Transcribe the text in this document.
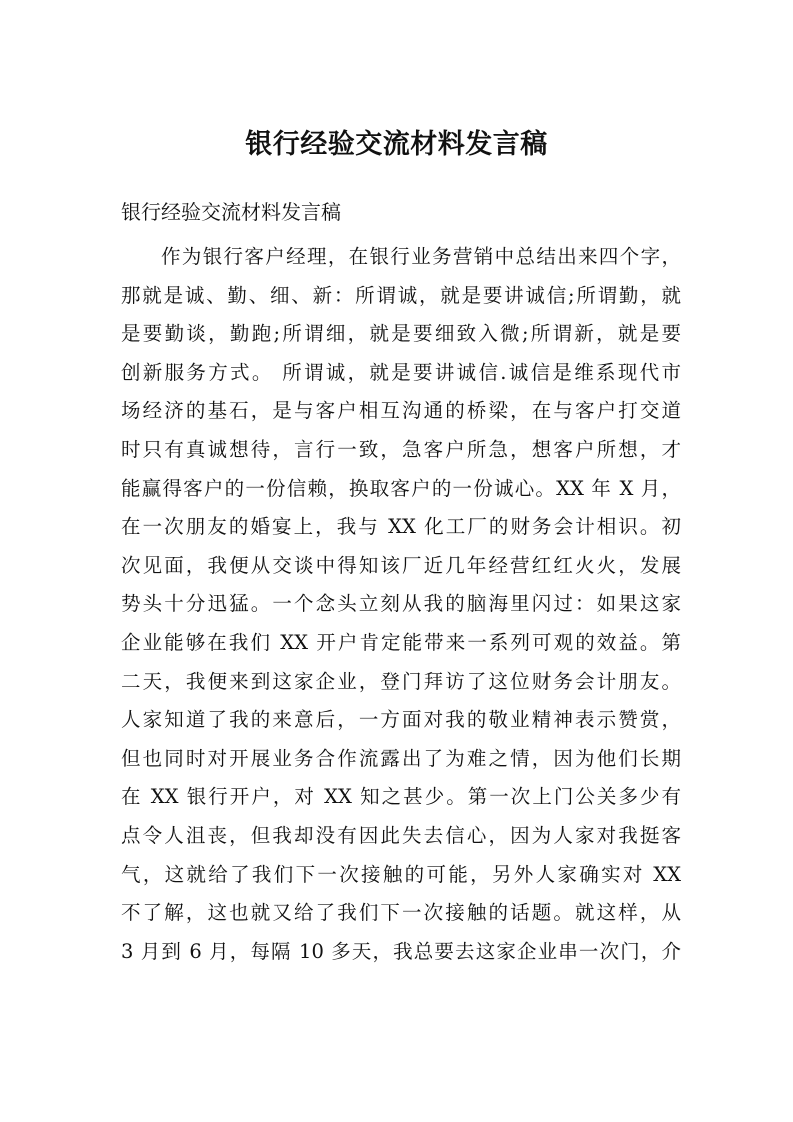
银行经验交流材料发言稿

银行经验交流材料发言稿

作为银行客户经理，在银行业务营销中总结出来四个字，
那就是诚、勤、细、新：所谓诚，就是要讲诚信;所谓勤，就
是要勤谈，勤跑;所谓细，就是要细致入微;所谓新，就是要
创新服务方式。 所谓诚，就是要讲诚信.诚信是维系现代市
场经济的基石，是与客户相互沟通的桥梁，在与客户打交道
时只有真诚想待，言行一致，急客户所急，想客户所想，才
能赢得客户的一份信赖，换取客户的一份诚心。XX 年 X 月，
在一次朋友的婚宴上，我与 XX 化工厂的财务会计相识。初
次见面，我便从交谈中得知该厂近几年经营红红火火，发展
势头十分迅猛。一个念头立刻从我的脑海里闪过：如果这家
企业能够在我们 XX 开户肯定能带来一系列可观的效益。第
二天，我便来到这家企业，登门拜访了这位财务会计朋友。
人家知道了我的来意后，一方面对我的敬业精神表示赞赏，
但也同时对开展业务合作流露出了为难之情，因为他们长期
在 XX 银行开户，对 XX 知之甚少。第一次上门公关多少有
点令人沮丧，但我却没有因此失去信心，因为人家对我挺客
气，这就给了我们下一次接触的可能，另外人家确实对 XX
不了解，这也就又给了我们下一次接触的话题。就这样，从
3 月到 6 月，每隔 10 多天，我总要去这家企业串一次门，介
